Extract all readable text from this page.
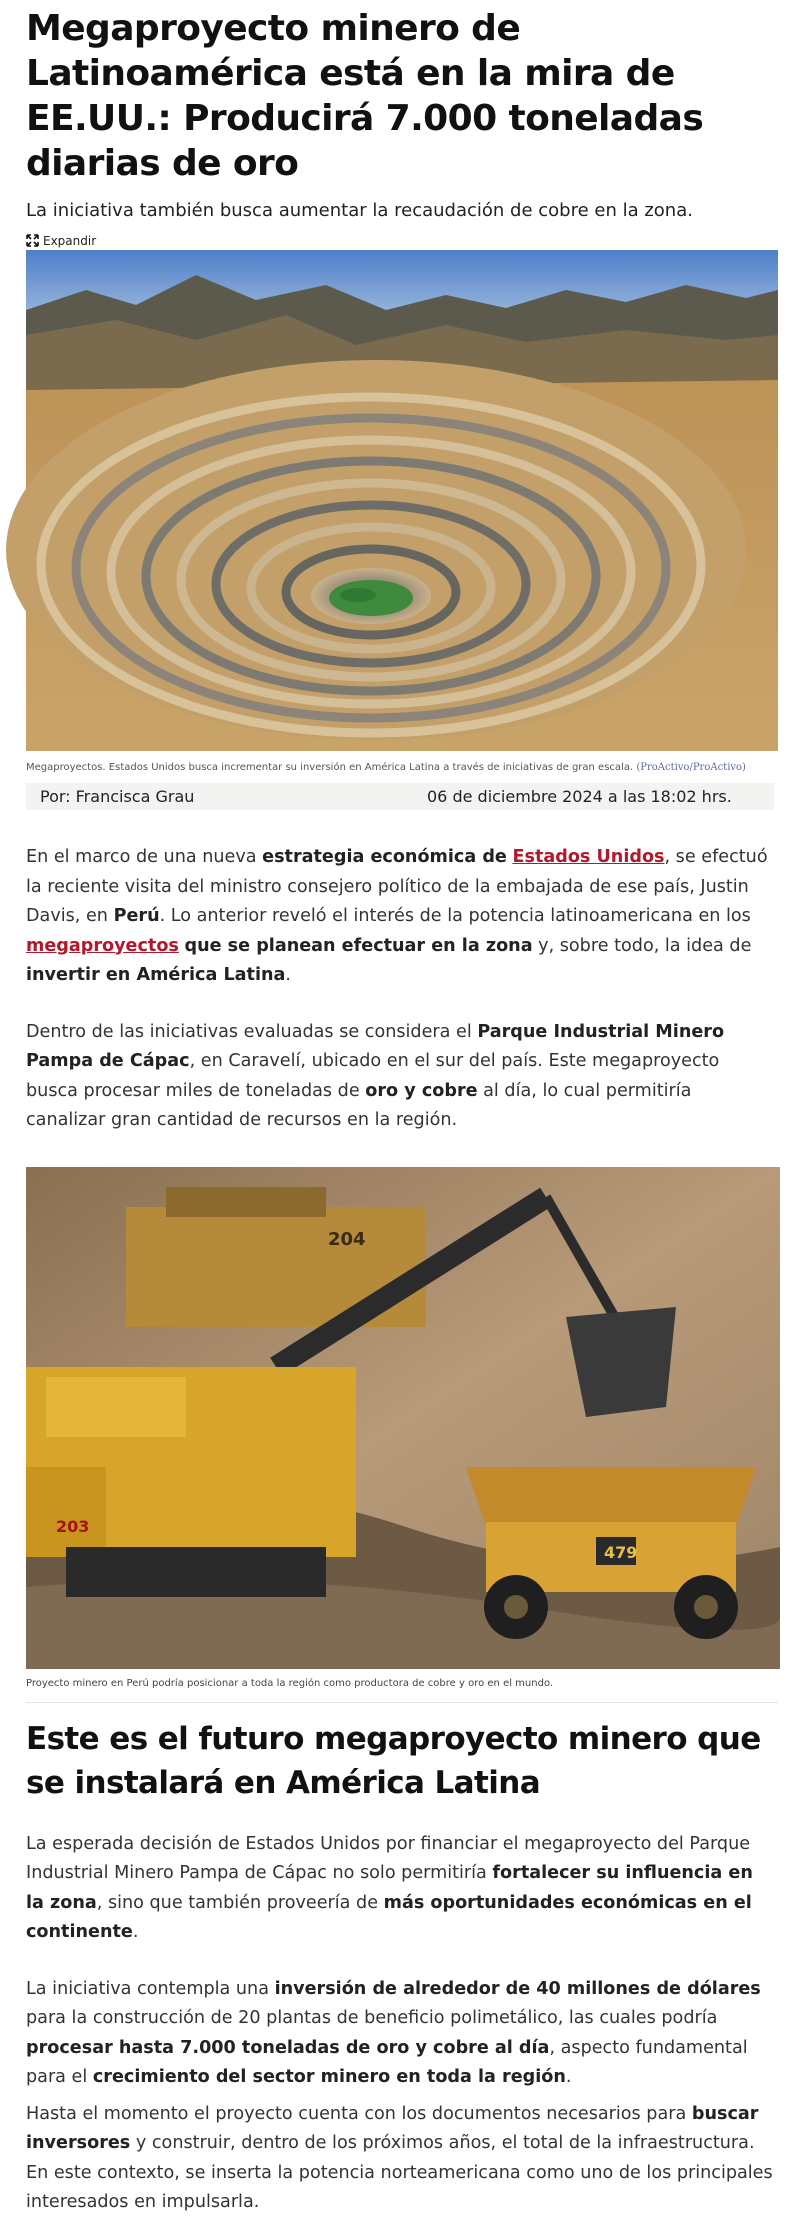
Megaproyecto minero de Latinoamérica está en la mira de EE.UU.: Producirá 7.000 toneladas diarias de oro

La iniciativa también busca aumentar la recaudación de cobre en la zona.

Expandir

Megaproyectos. Estados Unidos busca incrementar su inversión en América Latina a través de iniciativas de gran escala. (ProActivo/ProActivo)

Por: Francisca Grau	06 de diciembre 2024 a las 18:02 hrs.

En el marco de una nueva estrategia económica de Estados Unidos, se efectuó la reciente visita del ministro consejero político de la embajada de ese país, Justin Davis, en Perú. Lo anterior reveló el interés de la potencia latinoamericana en los megaproyectos que se planean efectuar en la zona y, sobre todo, la idea de invertir en América Latina.

Dentro de las iniciativas evaluadas se considera el Parque Industrial Minero Pampa de Cápac, en Caravelí, ubicado en el sur del país. Este megaproyecto busca procesar miles de toneladas de oro y cobre al día, lo cual permitiría canalizar gran cantidad de recursos en la región.

204
203
479

Proyecto minero en Perú podría posicionar a toda la región como productora de cobre y oro en el mundo.

Este es el futuro megaproyecto minero que se instalará en América Latina

La esperada decisión de Estados Unidos por financiar el megaproyecto del Parque Industrial Minero Pampa de Cápac no solo permitiría fortalecer su influencia en la zona, sino que también proveería de más oportunidades económicas en el continente.

La iniciativa contempla una inversión de alrededor de 40 millones de dólares para la construcción de 20 plantas de beneficio polimetálico, las cuales podría procesar hasta 7.000 toneladas de oro y cobre al día, aspecto fundamental para el crecimiento del sector minero en toda la región.

Hasta el momento el proyecto cuenta con los documentos necesarios para buscar inversores y construir, dentro de los próximos años, el total de la infraestructura. En este contexto, se inserta la potencia norteamericana como uno de los principales interesados en impulsarla.
